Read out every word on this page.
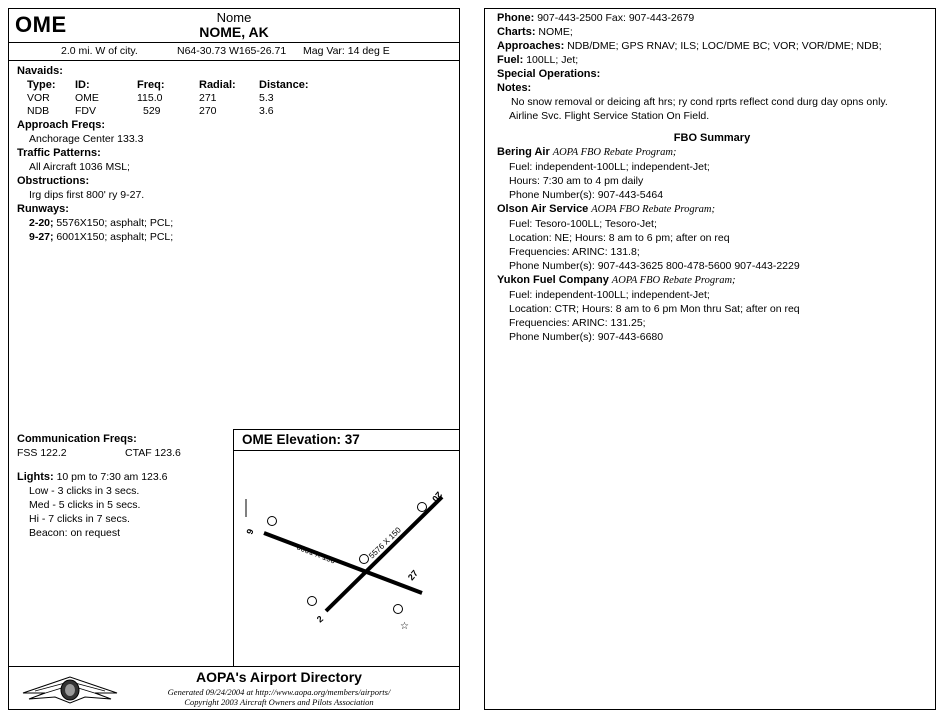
OME	Nome
NOME, AK
2.0 mi. W of city.	N64-30.73 W165-26.71 Mag Var: 14 deg E
Navaids:
Type:	ID:	Freq:	Radial:	Distance:
VOR	OME	115.0	271	5.3
NDB	FDV	529	270	3.6
Approach Freqs:
Anchorage Center 133.3
Traffic Patterns:
All Aircraft 1036 MSL;
Obstructions:
Irg dips first 800' ry 9-27.
Runways:
2-20; 5576X150; asphalt; PCL;
9-27; 6001X150; asphalt; PCL;
Communication Freqs:
FSS 122.2	CTAF 123.6
Lights: 10 pm to 7:30 am 123.6
Low - 3 clicks in 3 secs.
Med - 5 clicks in 5 secs.
Hi - 7 clicks in 7 secs.
Beacon: on request
OME Elevation: 37
6001 X 150	5576 X 150
9
27
2
20
☆
AOPA's Airport Directory
Generated 09/24/2004 at http://www.aopa.org/members/airports/
Copyright 2003 Aircraft Owners and Pilots Association
Phone: 907-443-2500 Fax: 907-443-2679
Charts: NOME;
Approaches: NDB/DME; GPS RNAV; ILS; LOC/DME BC; VOR; VOR/DME; NDB;
Fuel: 100LL; Jet;
Special Operations:
Notes:
No snow removal or deicing aft hrs; ry cond rprts reflect cond durg day opns only. Airline Svc. Flight Service Station On Field.
FBO Summary
Bering Air AOPA FBO Rebate Program;
Fuel: independent-100LL; independent-Jet;
Hours: 7:30 am to 4 pm daily
Phone Number(s): 907-443-5464
Olson Air Service AOPA FBO Rebate Program;
Fuel: Tesoro-100LL; Tesoro-Jet;
Location: NE; Hours: 8 am to 6 pm; after on req
Frequencies: ARINC: 131.8;
Phone Number(s): 907-443-3625 800-478-5600 907-443-2229
Yukon Fuel Company AOPA FBO Rebate Program;
Fuel: independent-100LL; independent-Jet;
Location: CTR; Hours: 8 am to 6 pm Mon thru Sat; after on req
Frequencies: ARINC: 131.25;
Phone Number(s): 907-443-6680
